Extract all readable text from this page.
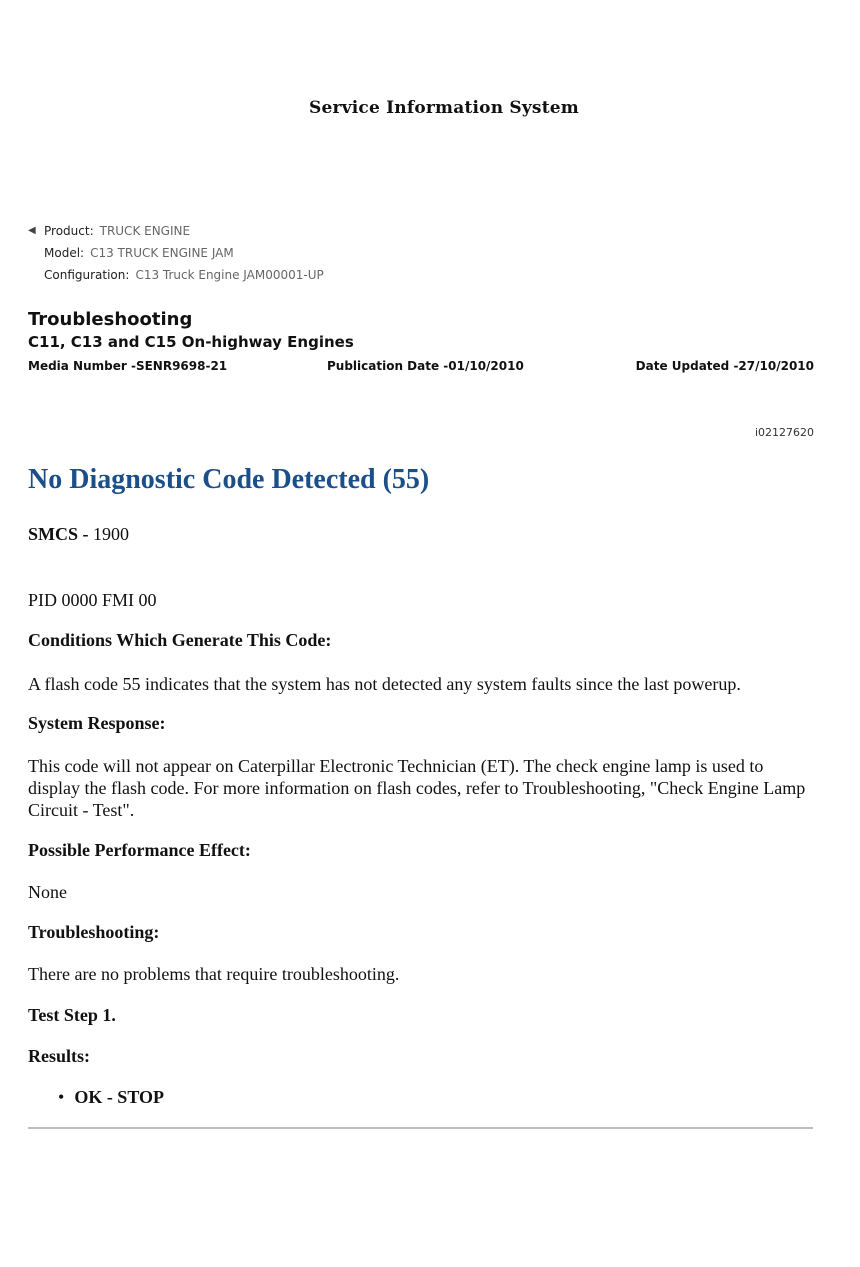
Service Information System
◀ Product: TRUCK ENGINE
Model: C13 TRUCK ENGINE JAM
Configuration: C13 Truck Engine JAM00001-UP
Troubleshooting
C11, C13 and C15 On-highway Engines
Media Number -SENR9698-21	Publication Date -01/10/2010	Date Updated -27/10/2010
i02127620
No Diagnostic Code Detected (55)
SMCS - 1900
PID 0000 FMI 00
Conditions Which Generate This Code:
A flash code 55 indicates that the system has not detected any system faults since the last powerup.
System Response:
This code will not appear on Caterpillar Electronic Technician (ET). The check engine lamp is used to display the flash code. For more information on flash codes, refer to Troubleshooting, "Check Engine Lamp Circuit - Test".
Possible Performance Effect:
None
Troubleshooting:
There are no problems that require troubleshooting.
Test Step 1.
Results:
• OK - STOP
